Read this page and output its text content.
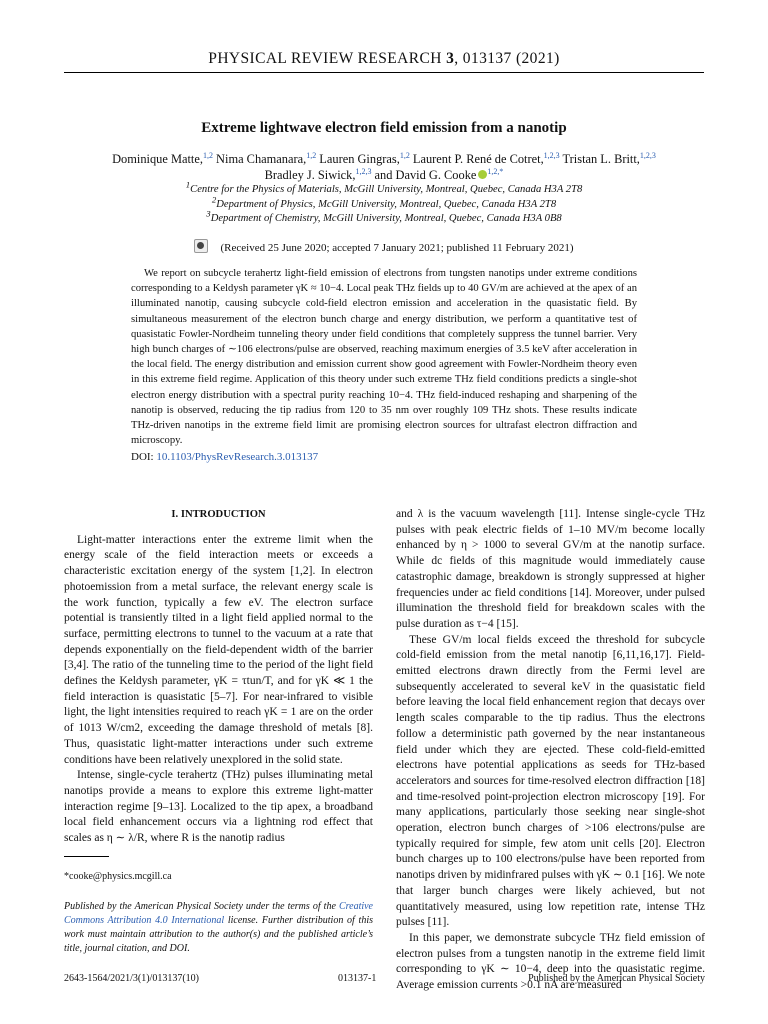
PHYSICAL REVIEW RESEARCH 3, 013137 (2021)
Extreme lightwave electron field emission from a nanotip
Dominique Matte,$^{1,2}$ Nima Chamanara,$^{1,2}$ Lauren Gingras,$^{1,2}$ Laurent P. René de Cotret,$^{1,2,3}$ Tristan L. Britt,$^{1,2,3}$
Bradley J. Siwick,$^{1,2,3}$ and David G. Cooke $^{1,2,*}$
$^1$Centre for the Physics of Materials, McGill University, Montreal, Quebec, Canada H3A 2T8
$^2$Department of Physics, McGill University, Montreal, Quebec, Canada H3A 2T8
$^3$Department of Chemistry, McGill University, Montreal, Quebec, Canada H3A 0B8
(Received 25 June 2020; accepted 7 January 2021; published 11 February 2021)
We report on subcycle terahertz light-field emission of electrons from tungsten nanotips under extreme conditions corresponding to a Keldysh parameter γK ≈ 10−4. Local peak THz fields up to 40 GV/m are achieved at the apex of an illuminated nanotip, causing subcycle cold-field electron emission and acceleration in the quasistatic field. By simultaneous measurement of the electron bunch charge and energy distribution, we perform a quantitative test of quasistatic Fowler-Nordheim tunneling theory under field conditions that completely suppress the tunnel barrier. Very high bunch charges of ∼106 electrons/pulse are observed, reaching maximum energies of 3.5 keV after acceleration in the local field. The energy distribution and emission current show good agreement with Fowler-Nordheim theory even in this extreme field regime. Application of this theory under such extreme THz field conditions predicts a single-shot electron energy distribution with a spectral purity reaching 10−4. THz field-induced reshaping and sharpening of the nanotip is observed, reducing the tip radius from 120 to 35 nm over roughly 109 THz shots. These results indicate THz-driven nanotips in the extreme field limit are promising electron sources for ultrafast electron diffraction and microscopy.
DOI: 10.1103/PhysRevResearch.3.013137
I. INTRODUCTION

Light-matter interactions enter the extreme limit when the energy scale of the field interaction meets or exceeds a characteristic excitation energy of the system [1,2]. In electron photoemission from a metal surface, the relevant energy scale is the work function, typically a few eV. The electron surface potential is transiently tilted in a light field applied normal to the surface, permitting electrons to tunnel to the vacuum at a rate that depends exponentially on the field-dependent width of the barrier [3,4]. The ratio of the tunneling time to the period of the light field defines the Keldysh parameter, γK = τtun/T, and for γK ≪ 1 the field interaction is quasistatic [5–7]. For near-infrared to visible light, the light intensities required to reach γK = 1 are on the order of 1013 W/cm2, exceeding the damage threshold of metals [8]. Thus, quasistatic light-matter interactions under such extreme conditions have been relatively unexplored in the solid state.

Intense, single-cycle terahertz (THz) pulses illuminating metal nanotips provide a means to explore this extreme light-matter interaction regime [9–13]. Localized to the tip apex, a broadband local field enhancement occurs via a lightning rod effect that scales as η ∼ λ/R, where R is the nanotip radius

and λ is the vacuum wavelength [11]. Intense single-cycle THz pulses with peak electric fields of 1–10 MV/m become locally enhanced by η > 1000 to several GV/m at the nanotip surface. While dc fields of this magnitude would immediately cause catastrophic damage, breakdown is strongly suppressed at higher frequencies under ac field conditions [14]. Moreover, under pulsed illumination the threshold field for breakdown scales with the pulse duration as τ−4 [15].

These GV/m local fields exceed the threshold for subcycle cold-field emission from the metal nanotip [6,11,16,17]. Field-emitted electrons drawn directly from the Fermi level are subsequently accelerated to several keV in the quasistatic field before leaving the local field enhancement region that decays over length scales comparable to the tip radius. Thus the electrons follow a deterministic path governed by the near instantaneous field under which they are ejected. These cold-field-emitted electrons have potential applications as seeds for THz-based accelerators and sources for time-resolved electron diffraction [18] and time-resolved point-projection electron microscopy [19]. For many applications, particularly those seeking near single-shot operation, electron bunch charges of >106 electrons/pulse are typically required for simple, few atom unit cells [20]. Electron bunch charges up to 100 electrons/pulse have been reported from nanotips driven by midinfrared pulses with γK ∼ 0.1 [16]. We note that larger bunch charges were likely achieved, but not quantitatively measured, using low repetition rate, intense THz pulses [11].

In this paper, we demonstrate subcycle THz field emission of electron pulses from a tungsten nanotip in the extreme field limit corresponding to γK ∼ 10−4, deep into the quasistatic regime. Average emission currents >0.1 nA are measured

*cooke@physics.mcgill.ca
Published by the American Physical Society under the terms of the Creative Commons Attribution 4.0 International license. Further distribution of this work must maintain attribution to the author(s) and the published article’s title, journal citation, and DOI.
2643-1564/2021/3(1)/013137(10)	013137-1	Published by the American Physical Society
